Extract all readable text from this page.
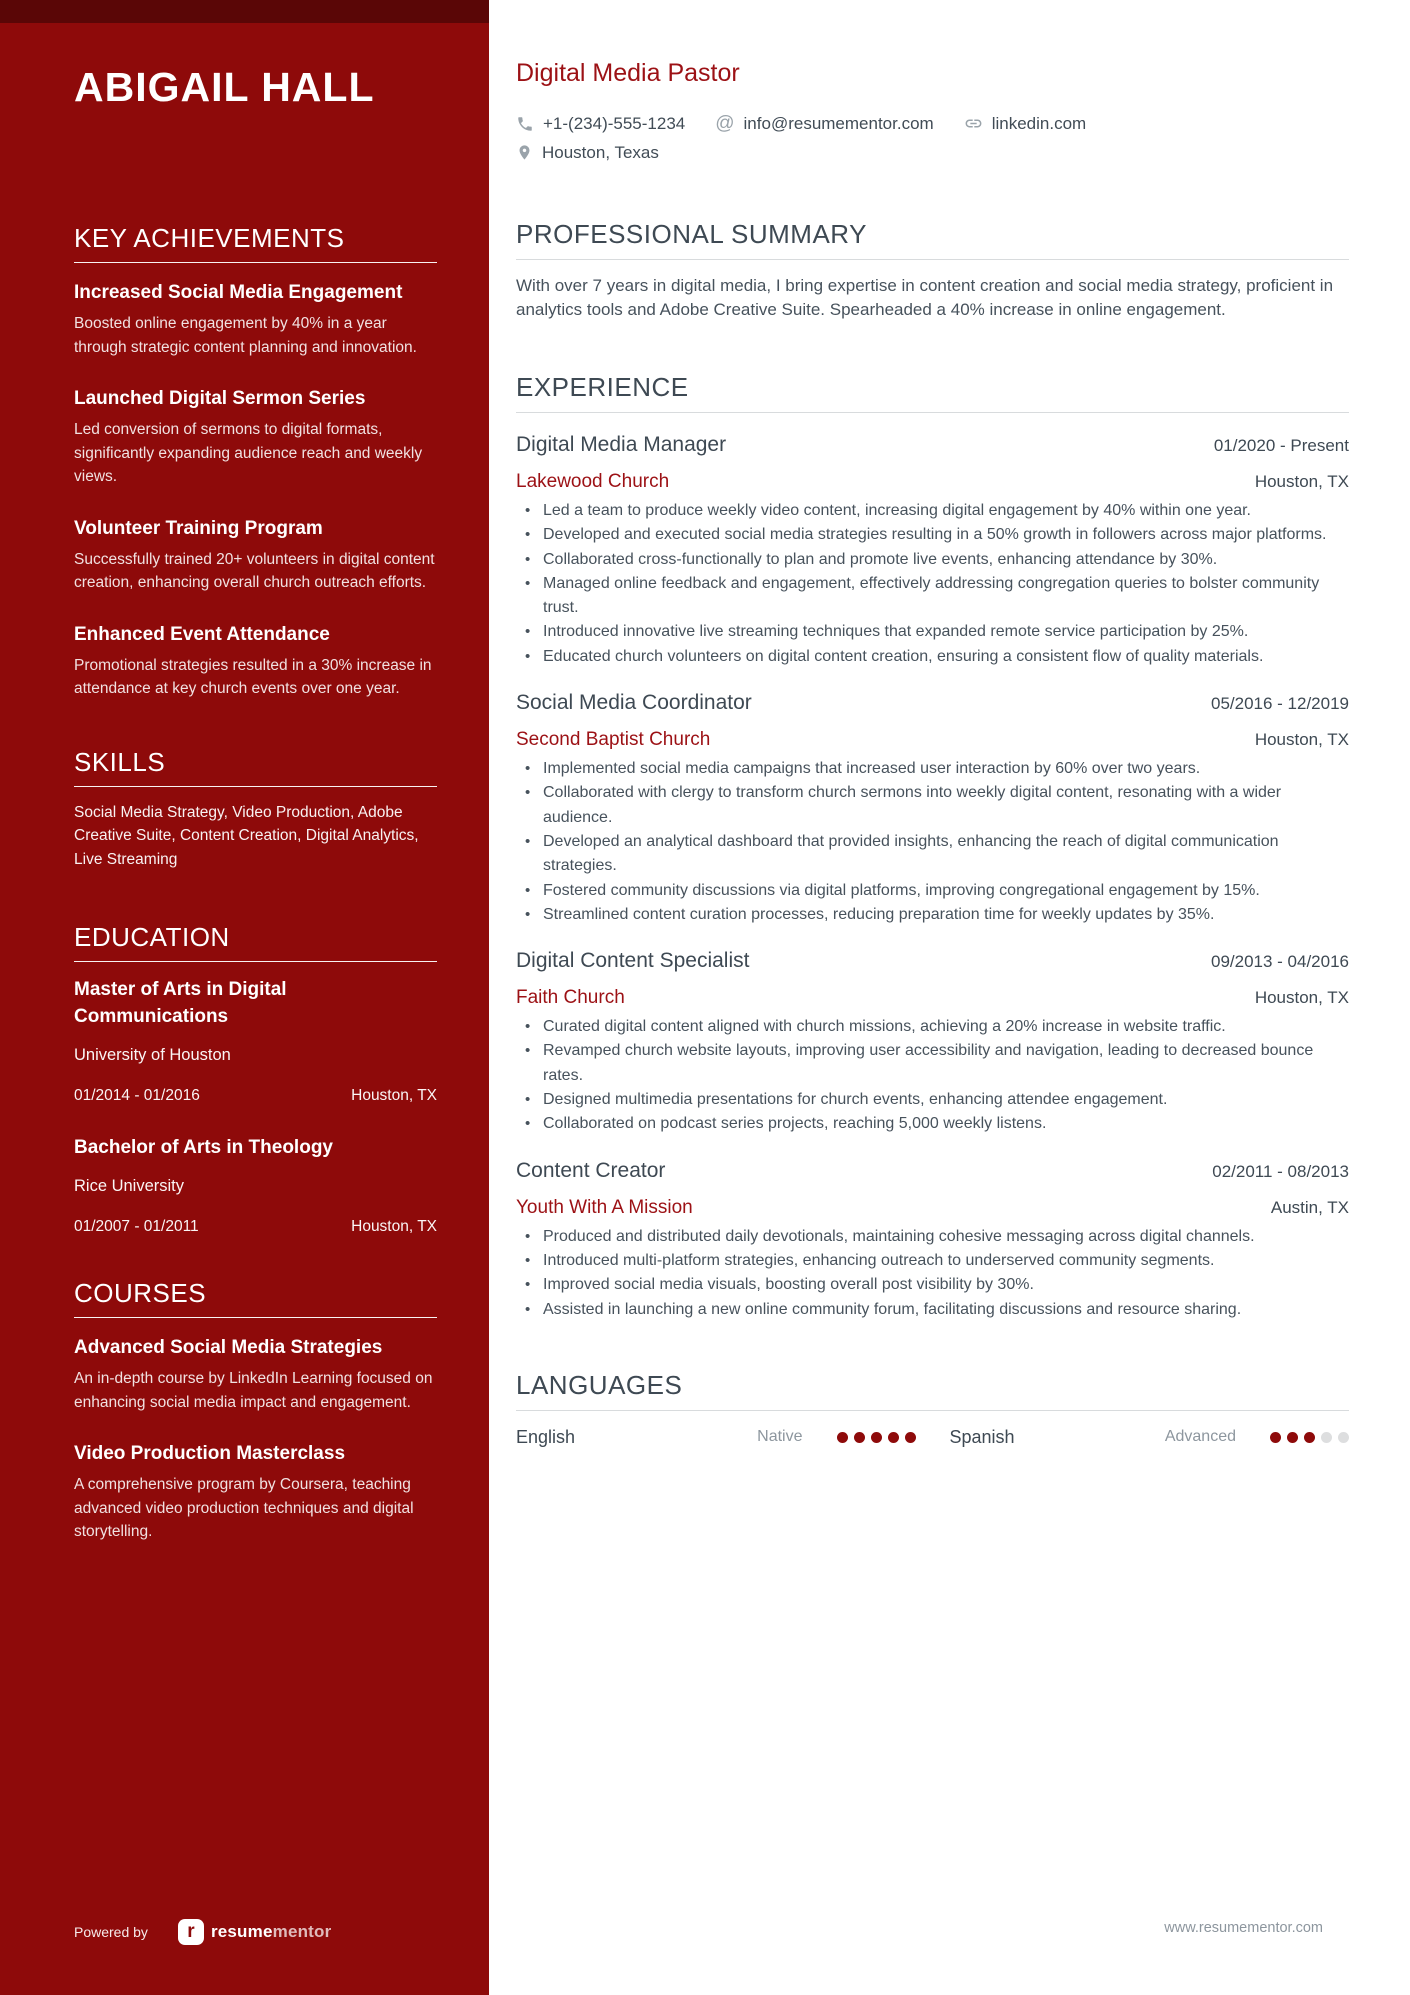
ABIGAIL HALL
KEY ACHIEVEMENTS
Increased Social Media Engagement

Boosted online engagement by 40% in a year through strategic content planning and innovation.

Launched Digital Sermon Series

Led conversion of sermons to digital formats, significantly expanding audience reach and weekly views.

Volunteer Training Program

Successfully trained 20+ volunteers in digital content creation, enhancing overall church outreach efforts.

Enhanced Event Attendance

Promotional strategies resulted in a 30% increase in attendance at key church events over one year.

SKILLS

Social Media Strategy, Video Production, Adobe Creative Suite, Content Creation, Digital Analytics, Live Streaming

EDUCATION
Master of Arts in Digital Communications

University of Houston

01/2014 - 01/2016	Houston, TX
Bachelor of Arts in Theology

Rice University

01/2007 - 01/2011	Houston, TX
COURSES
Advanced Social Media Strategies

An in-depth course by LinkedIn Learning focused on enhancing social media impact and engagement.

Video Production Masterclass

A comprehensive program by Coursera, teaching advanced video production techniques and digital storytelling.

Powered by	r resumementor
Digital Media Pastor
+1-(234)-555-1234 @ info@resumementor.com	linkedin.com
Houston, Texas
PROFESSIONAL SUMMARY

With over 7 years in digital media, I bring expertise in content creation and social media strategy, proficient in analytics tools and Adobe Creative Suite. Spearheaded a 40% increase in online engagement.

EXPERIENCE
Digital Media Manager	01/2020 - Present
Lakewood Church	Houston, TX
• Led a team to produce weekly video content, increasing digital engagement by 40% within one year.
• Developed and executed social media strategies resulting in a 50% growth in followers across major platforms.
• Collaborated cross-functionally to plan and promote live events, enhancing attendance by 30%.
• Managed online feedback and engagement, effectively addressing congregation queries to bolster community trust.
• Introduced innovative live streaming techniques that expanded remote service participation by 25%.
• Educated church volunteers on digital content creation, ensuring a consistent flow of quality materials.
Social Media Coordinator	05/2016 - 12/2019
Second Baptist Church	Houston, TX
• Implemented social media campaigns that increased user interaction by 60% over two years.
• Collaborated with clergy to transform church sermons into weekly digital content, resonating with a wider audience.
• Developed an analytical dashboard that provided insights, enhancing the reach of digital communication strategies.
• Fostered community discussions via digital platforms, improving congregational engagement by 15%.
• Streamlined content curation processes, reducing preparation time for weekly updates by 35%.
Digital Content Specialist	09/2013 - 04/2016
Faith Church	Houston, TX
• Curated digital content aligned with church missions, achieving a 20% increase in website traffic.
• Revamped church website layouts, improving user accessibility and navigation, leading to decreased bounce rates.
• Designed multimedia presentations for church events, enhancing attendee engagement.
• Collaborated on podcast series projects, reaching 5,000 weekly listens.
Content Creator	02/2011 - 08/2013
Youth With A Mission	Austin, TX
• Produced and distributed daily devotionals, maintaining cohesive messaging across digital channels.
• Introduced multi-platform strategies, enhancing outreach to underserved community segments.
• Improved social media visuals, boosting overall post visibility by 30%.
• Assisted in launching a new online community forum, facilitating discussions and resource sharing.
LANGUAGES
English	Native	Spanish	Advanced
www.resumementor.com
